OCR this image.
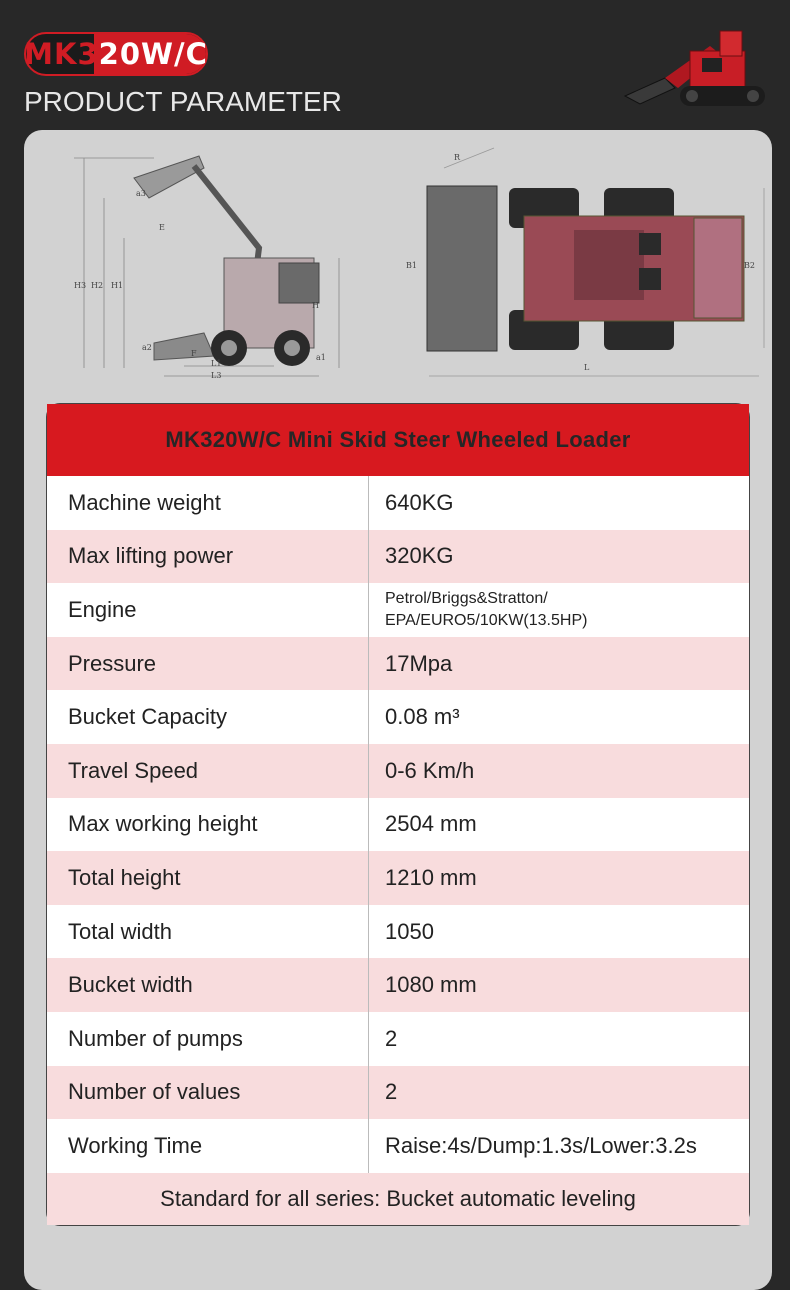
MK3 20W/C
PRODUCT PARAMETER
a3
E
H3 H2 H1
H
a2
F
L1
L3
a1
R
B1	B2
L
MK320W/C Mini Skid Steer Wheeled Loader
Machine weight	640KG
Max lifting power	320KG
Engine	Petrol/Briggs&Stratton/
EPA/EURO5/10KW(13.5HP)
Pressure	17Mpa
Bucket Capacity	0.08 m³
Travel Speed	0-6 Km/h
Max working height	2504 mm
Total height	1210 mm
Total width	1050
Bucket width	1080 mm
Number of pumps	2
Number of values	2
Working Time	Raise:4s/Dump:1.3s/Lower:3.2s
Standard for all series: Bucket automatic leveling
